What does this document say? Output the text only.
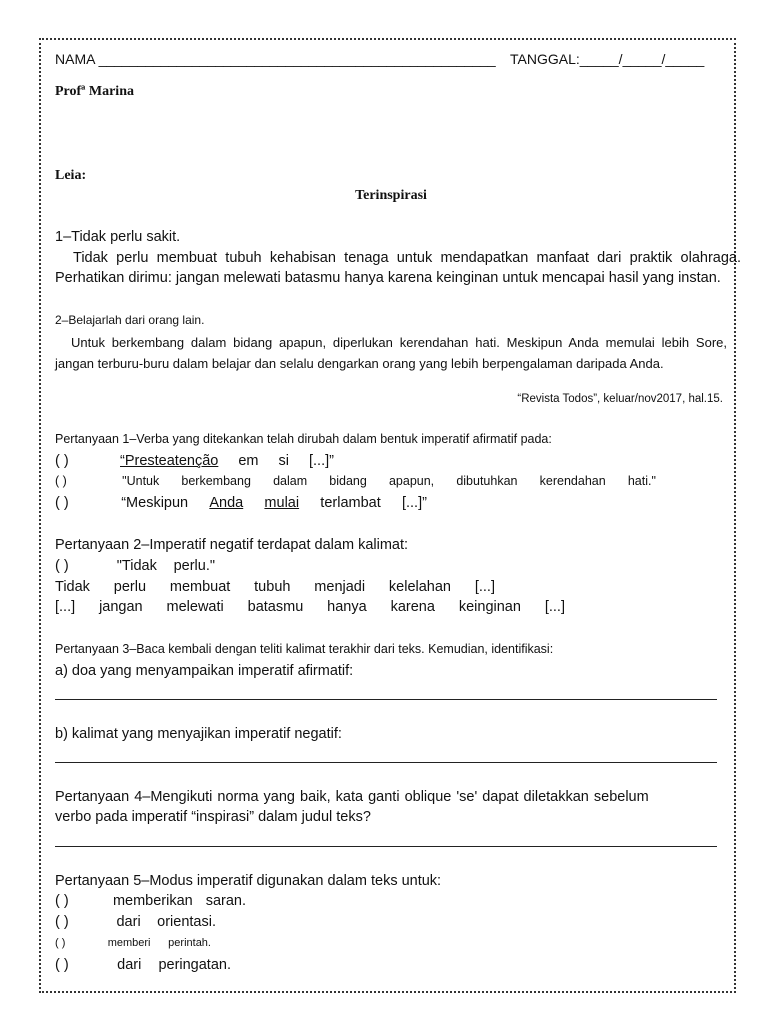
NAMA ___________________________________________________ TANGGAL:_____/_____/_____
Profª Marina
Leia:
Terinspirasi
1–Tidak perlu sakit.
Tidak perlu membuat tubuh kehabisan tenaga untuk mendapatkan manfaat dari praktik olahraga. Perhatikan dirimu: jangan melewati batasmu hanya karena keinginan untuk mencapai hasil yang instan.
2–Belajarlah dari orang lain.
Untuk berkembang dalam bidang apapun, diperlukan kerendahan hati. Meskipun Anda memulai lebih Sore, jangan terburu-buru dalam belajar dan selalu dengarkan orang yang lebih berpengalaman daripada Anda.
“Revista Todos”, keluar/nov2017, hal.15.
Pertanyaan 1–Verba yang ditekankan telah dirubah dalam bentuk imperatif afirmatif pada:
( )	“Presteatenção em si [...]”
( )	"Untuk berkembang dalam bidang apapun, dibutuhkan kerendahan hati."
( )	“Meskipun Anda mulai terlambat [...]”
Pertanyaan 2–Imperatif negatif terdapat dalam kalimat:
( )	"Tidak perlu."
Tidak perlu membuat tubuh menjadi kelelahan [...]
[...] jangan melewati batasmu hanya karena keinginan [...]
Pertanyaan 3–Baca kembali dengan teliti kalimat terakhir dari teks. Kemudian, identifikasi:
a) doa yang menyampaikan imperatif afirmatif:
b) kalimat yang menyajikan imperatif negatif:
Pertanyaan 4–Mengikuti norma yang baik, kata ganti oblique 'se' dapat diletakkan sebelum
verbo pada imperatif “inspirasi” dalam judul teks?
Pertanyaan 5–Modus imperatif digunakan dalam teks untuk:
( )	memberikan saran.
( )	dari orientasi.
( )	memberi perintah.
( )	dari peringatan.
